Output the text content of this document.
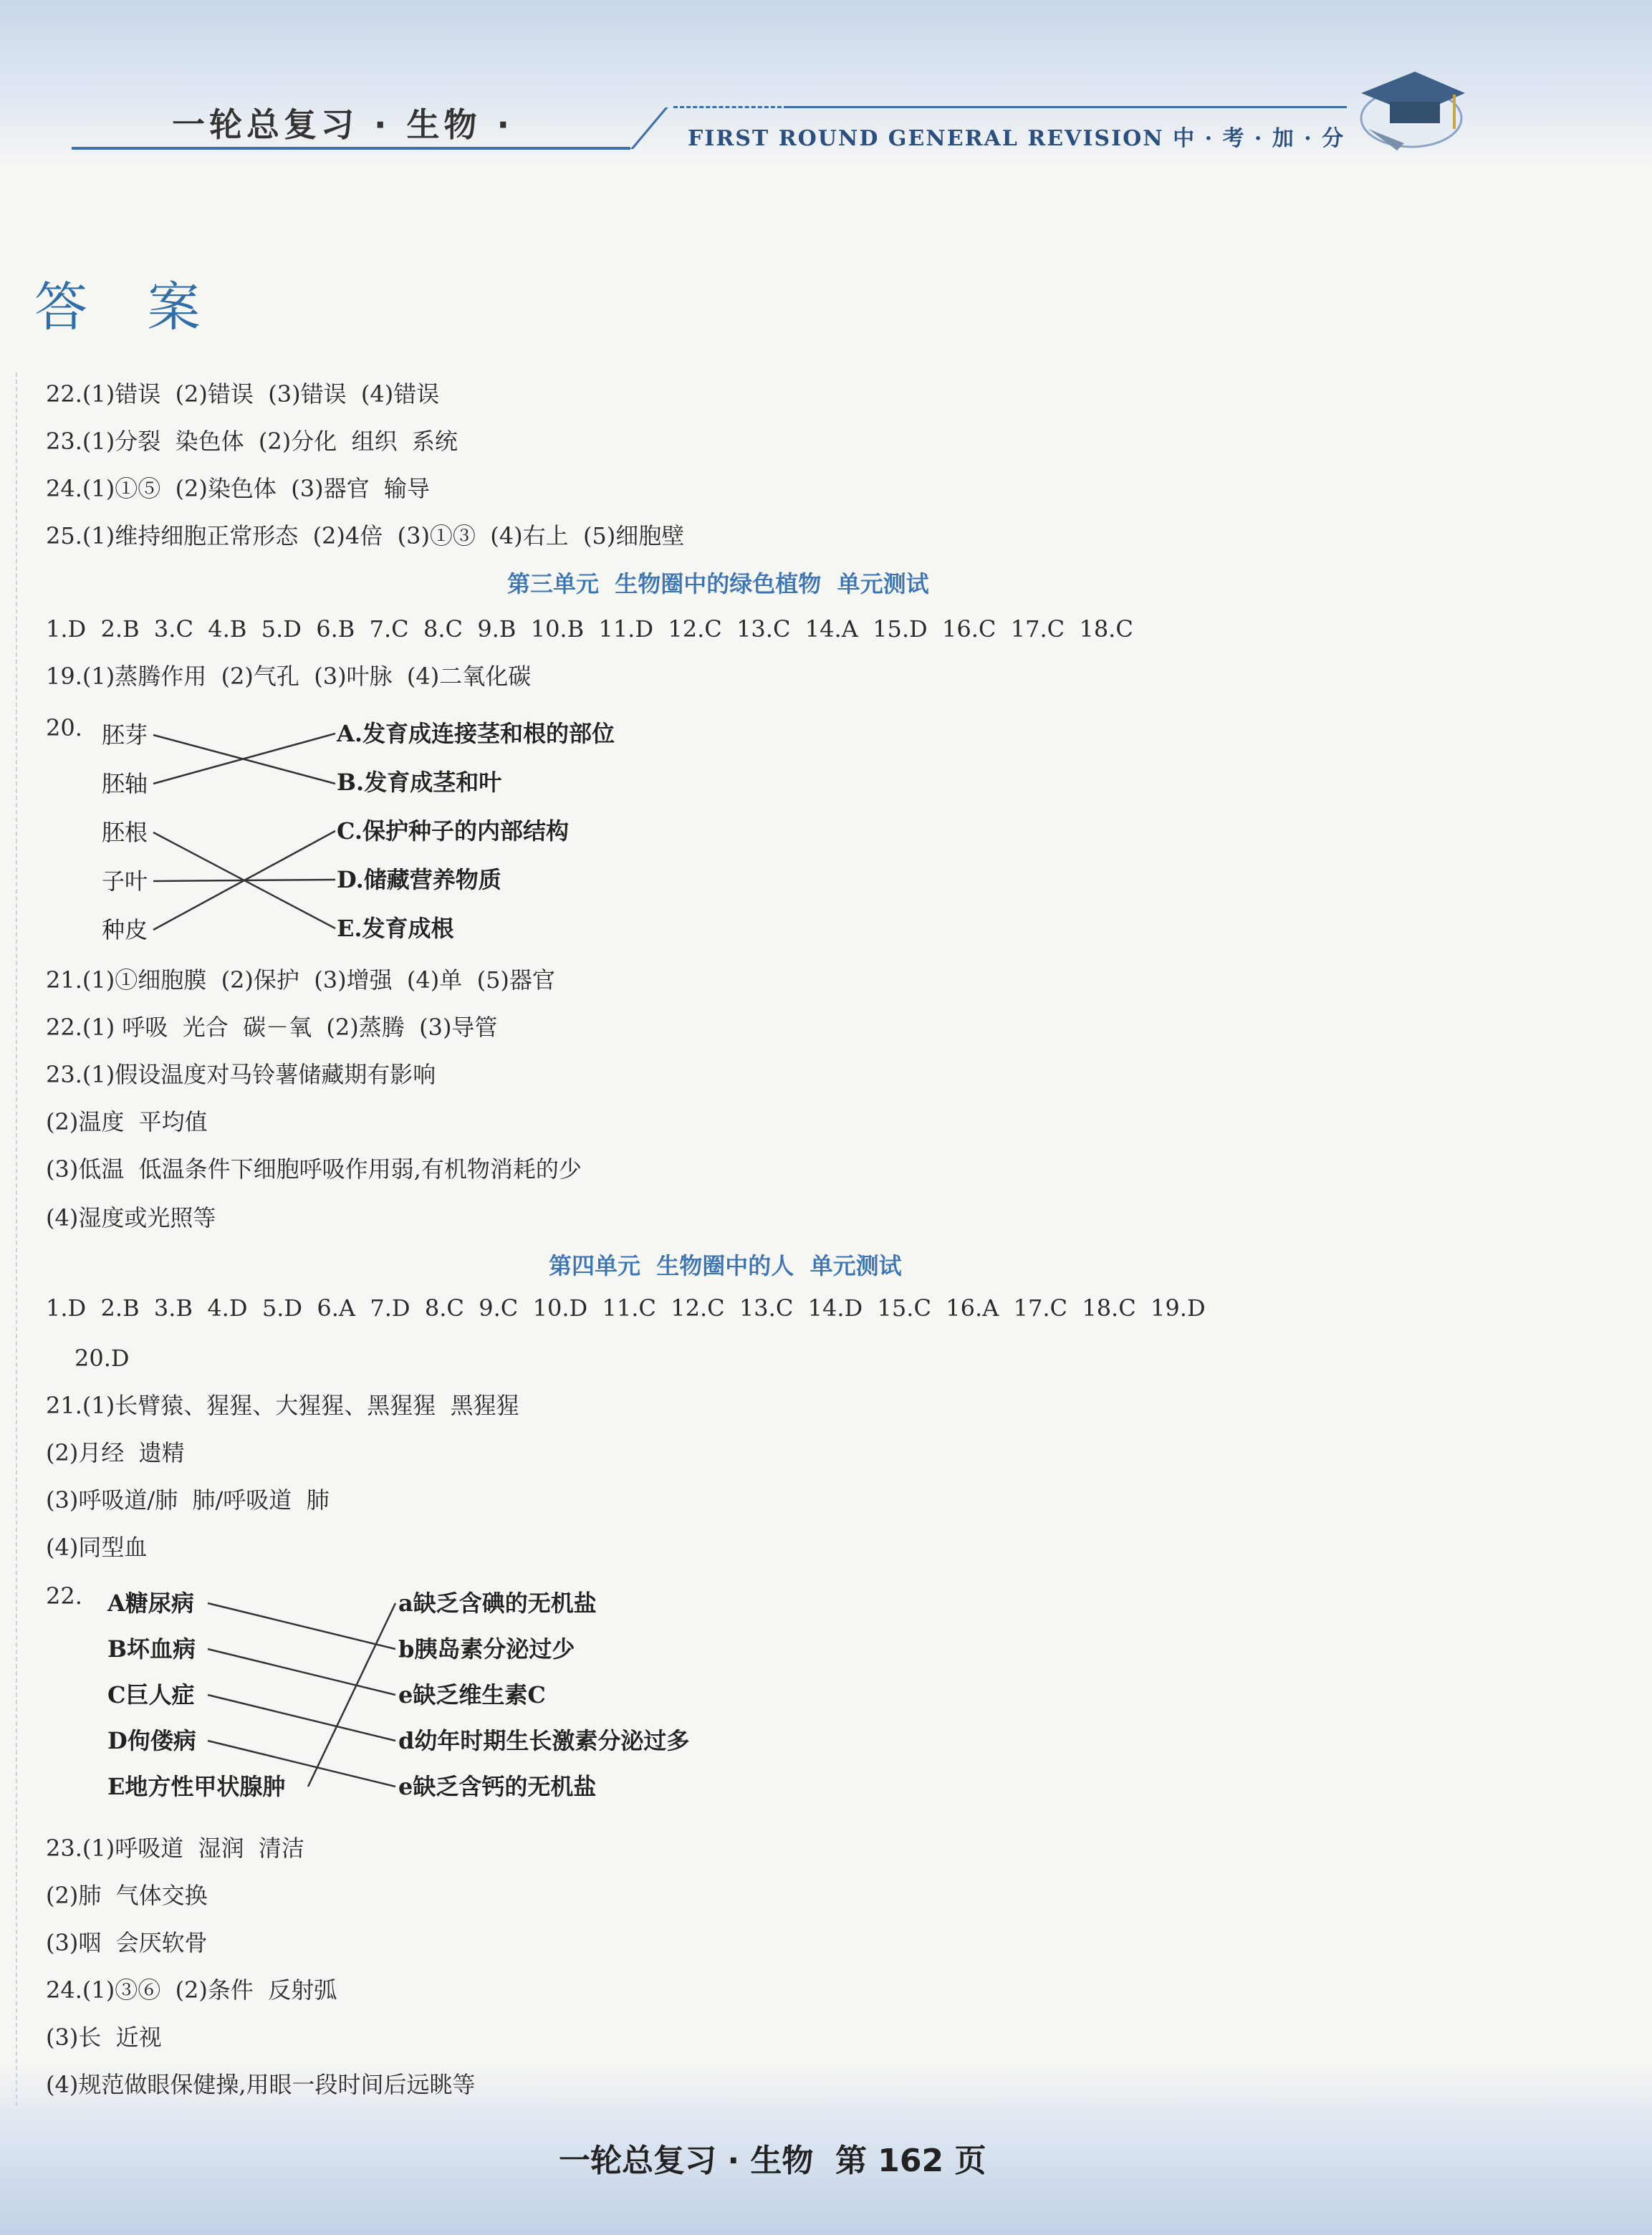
一轮总复习 · 生物 ·	FIRST ROUND GENERAL REVISION 中 · 考 · 加 · 分
答 案
22.(1)错误  (2)错误  (3)错误  (4)错误
23.(1)分裂  染色体  (2)分化  组织  系统
24.(1)①⑤  (2)染色体  (3)器官  输导
25.(1)维持细胞正常形态  (2)4倍  (3)①③  (4)右上  (5)细胞壁
第三单元  生物圈中的绿色植物  单元测试
1.D  2.B  3.C  4.B  5.D  6.B  7.C  8.C  9.B  10.B  11.D  12.C  13.C  14.A  15.D  16.C  17.C  18.C
19.(1)蒸腾作用  (2)气孔  (3)叶脉  (4)二氧化碳
20. 胚芽
胚轴
胚根
子叶
种皮
A.发育成连接茎和根的部位
B.发育成茎和叶
C.保护种子的内部结构
D.储藏营养物质
E.发育成根
21.(1)①细胞膜  (2)保护  (3)增强  (4)单  (5)器官
22.(1) 呼吸  光合  碳－氧  (2)蒸腾  (3)导管
23.(1)假设温度对马铃薯储藏期有影响
(2)温度  平均值
(3)低温  低温条件下细胞呼吸作用弱,有机物消耗的少
(4)湿度或光照等
第四单元  生物圈中的人  单元测试
1.D  2.B  3.B  4.D  5.D  6.A  7.D  8.C  9.C  10.D  11.C  12.C  13.C  14.D  15.C  16.A  17.C  18.C  19.D
20.D
21.(1)长臂猿、猩猩、大猩猩、黑猩猩  黑猩猩
(2)月经  遗精
(3)呼吸道/肺  肺/呼吸道  肺
(4)同型血
22. A糖尿病
B坏血病
C巨人症
D佝偻病
E地方性甲状腺肿
a缺乏含碘的无机盐
b胰岛素分泌过少
e缺乏维生素C
d幼年时期生长激素分泌过多
e缺乏含钙的无机盐
23.(1)呼吸道  湿润  清洁
(2)肺  气体交换
(3)咽  会厌软骨
24.(1)③⑥  (2)条件  反射弧
(3)长  近视
(4)规范做眼保健操,用眼一段时间后远眺等
一轮总复习 · 生物  第 162 页
